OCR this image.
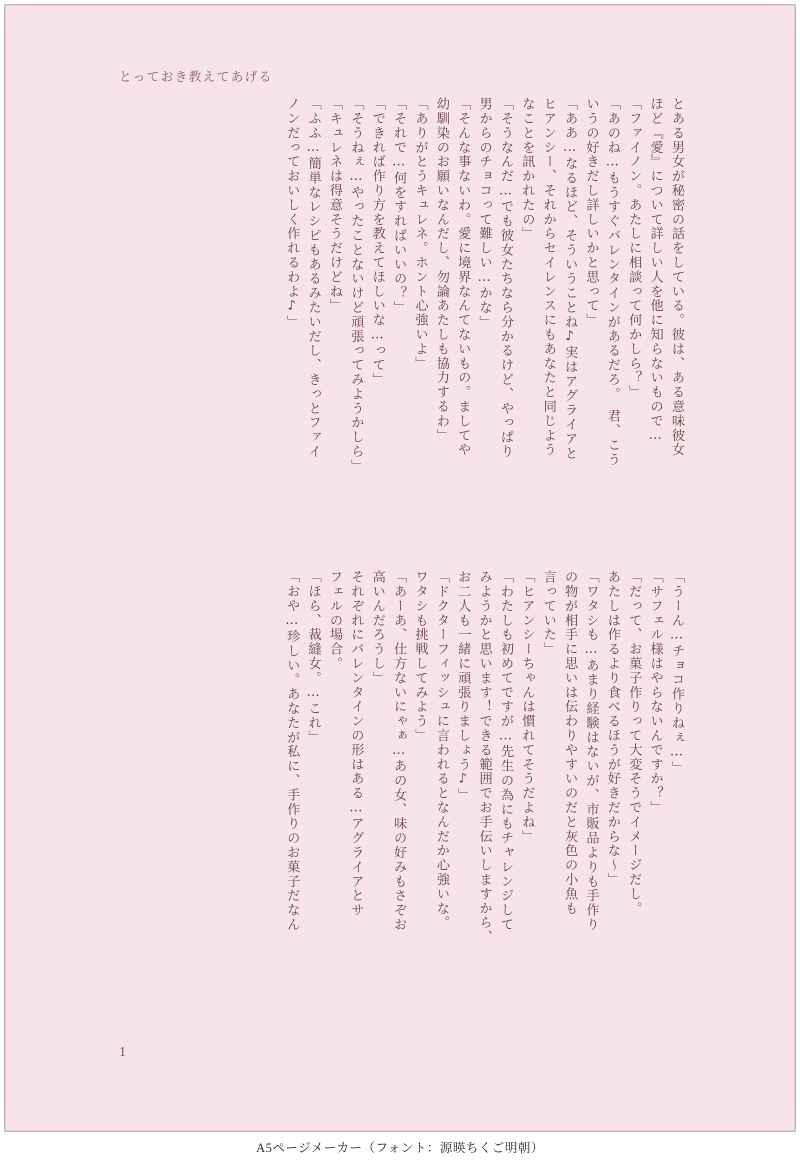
とっておき教えてあげる
とある男女が秘密の話をしている。彼は、ある意味彼女
ほど『愛』について詳しい人を他に知らないもので…
「ファイノン。あたしに相談って何かしら？」
「あのね…もうすぐバレンタインがあるだろ。　君、こう
いうの好きだし詳しいかと思って」
「ああ…なるほど、そういうことね♪実はアグライアと
ヒアンシー、それからセイレンスにもあなたと同じよう
なことを訊かれたの」
「そうなんだ…でも彼女たちなら分かるけど、やっぱり
男からのチョコって難しい…かな」
「そんな事ないわ。愛に境界なんてないもの。ましてや
幼馴染のお願いなんだし、勿論あたしも協力するわ」
「ありがとうキュレネ。ホント心強いよ」
「それで…何をすればいいの？」
「できれば作り方を教えてほしいな…って」
「そうねぇ…やったことないけど頑張ってみようかしら」
「キュレネは得意そうだけどね」
「ふふ…簡単なレシピもあるみたいだし、きっとファイ
ノンだっておいしく作れるわよ♪」
「うーん…チョコ作りねぇ…」
「サフェル様はやらないんですか？」
「だって、お菓子作りって大変そうでイメージだし。
あたしは作るより食べるほうが好きだからな～」
「ワタシも…あまり経験はないが、市販品よりも手作り
の物が相手に思いは伝わりやすいのだと灰色の小魚も
言っていた」
「ヒアンシーちゃんは慣れてそうだよね」
「わたしも初めてですが…先生の為にもチャレンジして
みようかと思います！できる範囲でお手伝いしますから、
お二人も一緒に頑張りましょう♪」
「ドクターフィッシュに言われるとなんだか心強いな。
ワタシも挑戦してみよう」
「あーあ、仕方ないにゃぁ…あの女、味の好みもさぞお
高いんだろうし」
それぞれにバレンタインの形はある…アグライアとサ
フェルの場合。
「ほら、裁縫女。…これ」
「おや…珍しい。あなたが私に、手作りのお菓子だなん
1
A5ページメーカー（フォント：源暎ちくご明朝）
